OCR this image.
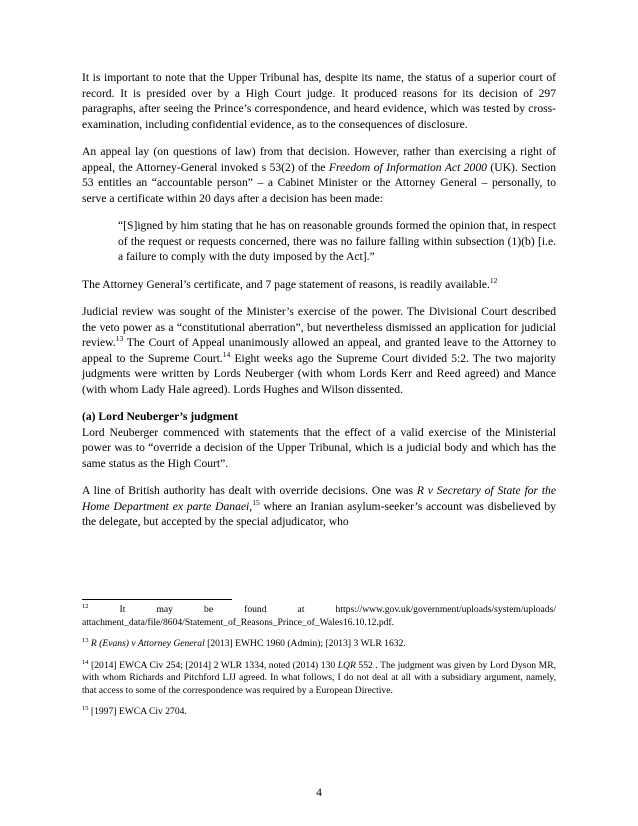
It is important to note that the Upper Tribunal has, despite its name, the status of a superior court of record. It is presided over by a High Court judge. It produced reasons for its decision of 297 paragraphs, after seeing the Prince’s correspondence, and heard evidence, which was tested by cross-examination, including confidential evidence, as to the consequences of disclosure.

An appeal lay (on questions of law) from that decision. However, rather than exercising a right of appeal, the Attorney-General invoked s 53(2) of the Freedom of Information Act 2000 (UK). Section 53 entitles an “accountable person” – a Cabinet Minister or the Attorney General – personally, to serve a certificate within 20 days after a decision has been made:

“[S]igned by him stating that he has on reasonable grounds formed the opinion that, in respect of the request or requests concerned, there was no failure falling within subsection (1)(b) [i.e. a failure to comply with the duty imposed by the Act].”

The Attorney General’s certificate, and 7 page statement of reasons, is readily available.$^{12}$

Judicial review was sought of the Minister’s exercise of the power. The Divisional Court described the veto power as a “constitutional aberration”, but nevertheless dismissed an application for judicial review.$^{13}$ The Court of Appeal unanimously allowed an appeal, and granted leave to the Attorney to appeal to the Supreme Court.$^{14}$ Eight weeks ago the Supreme Court divided 5:2. The two majority judgments were written by Lords Neuberger (with whom Lords Kerr and Reed agreed) and Mance (with whom Lady Hale agreed). Lords Hughes and Wilson dissented.

(a) Lord Neuberger’s judgment

Lord Neuberger commenced with statements that the effect of a valid exercise of the Ministerial power was to “override a decision of the Upper Tribunal, which is a judicial body and which has the same status as the High Court”.

A line of British authority has dealt with override decisions. One was R v Secretary of State for the Home Department ex parte Danaei,$^{15}$ where an Iranian asylum-seeker’s account was disbelieved by the delegate, but accepted by the special adjudicator, who

$^{12}$ It may be found at https://www.gov.uk/government/uploads/system/uploads/ attachment_data/file/8604/Statement_of_Reasons_Prince_of_Wales16.10.12.pdf.

$^{13}$ R (Evans) v Attorney General [2013] EWHC 1960 (Admin); [2013] 3 WLR 1632.

$^{14}$ [2014] EWCA Civ 254; [2014] 2 WLR 1334, noted (2014) 130 LQR 552 . The judgment was given by Lord Dyson MR, with whom Richards and Pitchford LJJ agreed. In what follows, I do not deal at all with a subsidiary argument, namely, that access to some of the correspondence was required by a European Directive.

$^{15}$ [1997] EWCA Civ 2704.

4
